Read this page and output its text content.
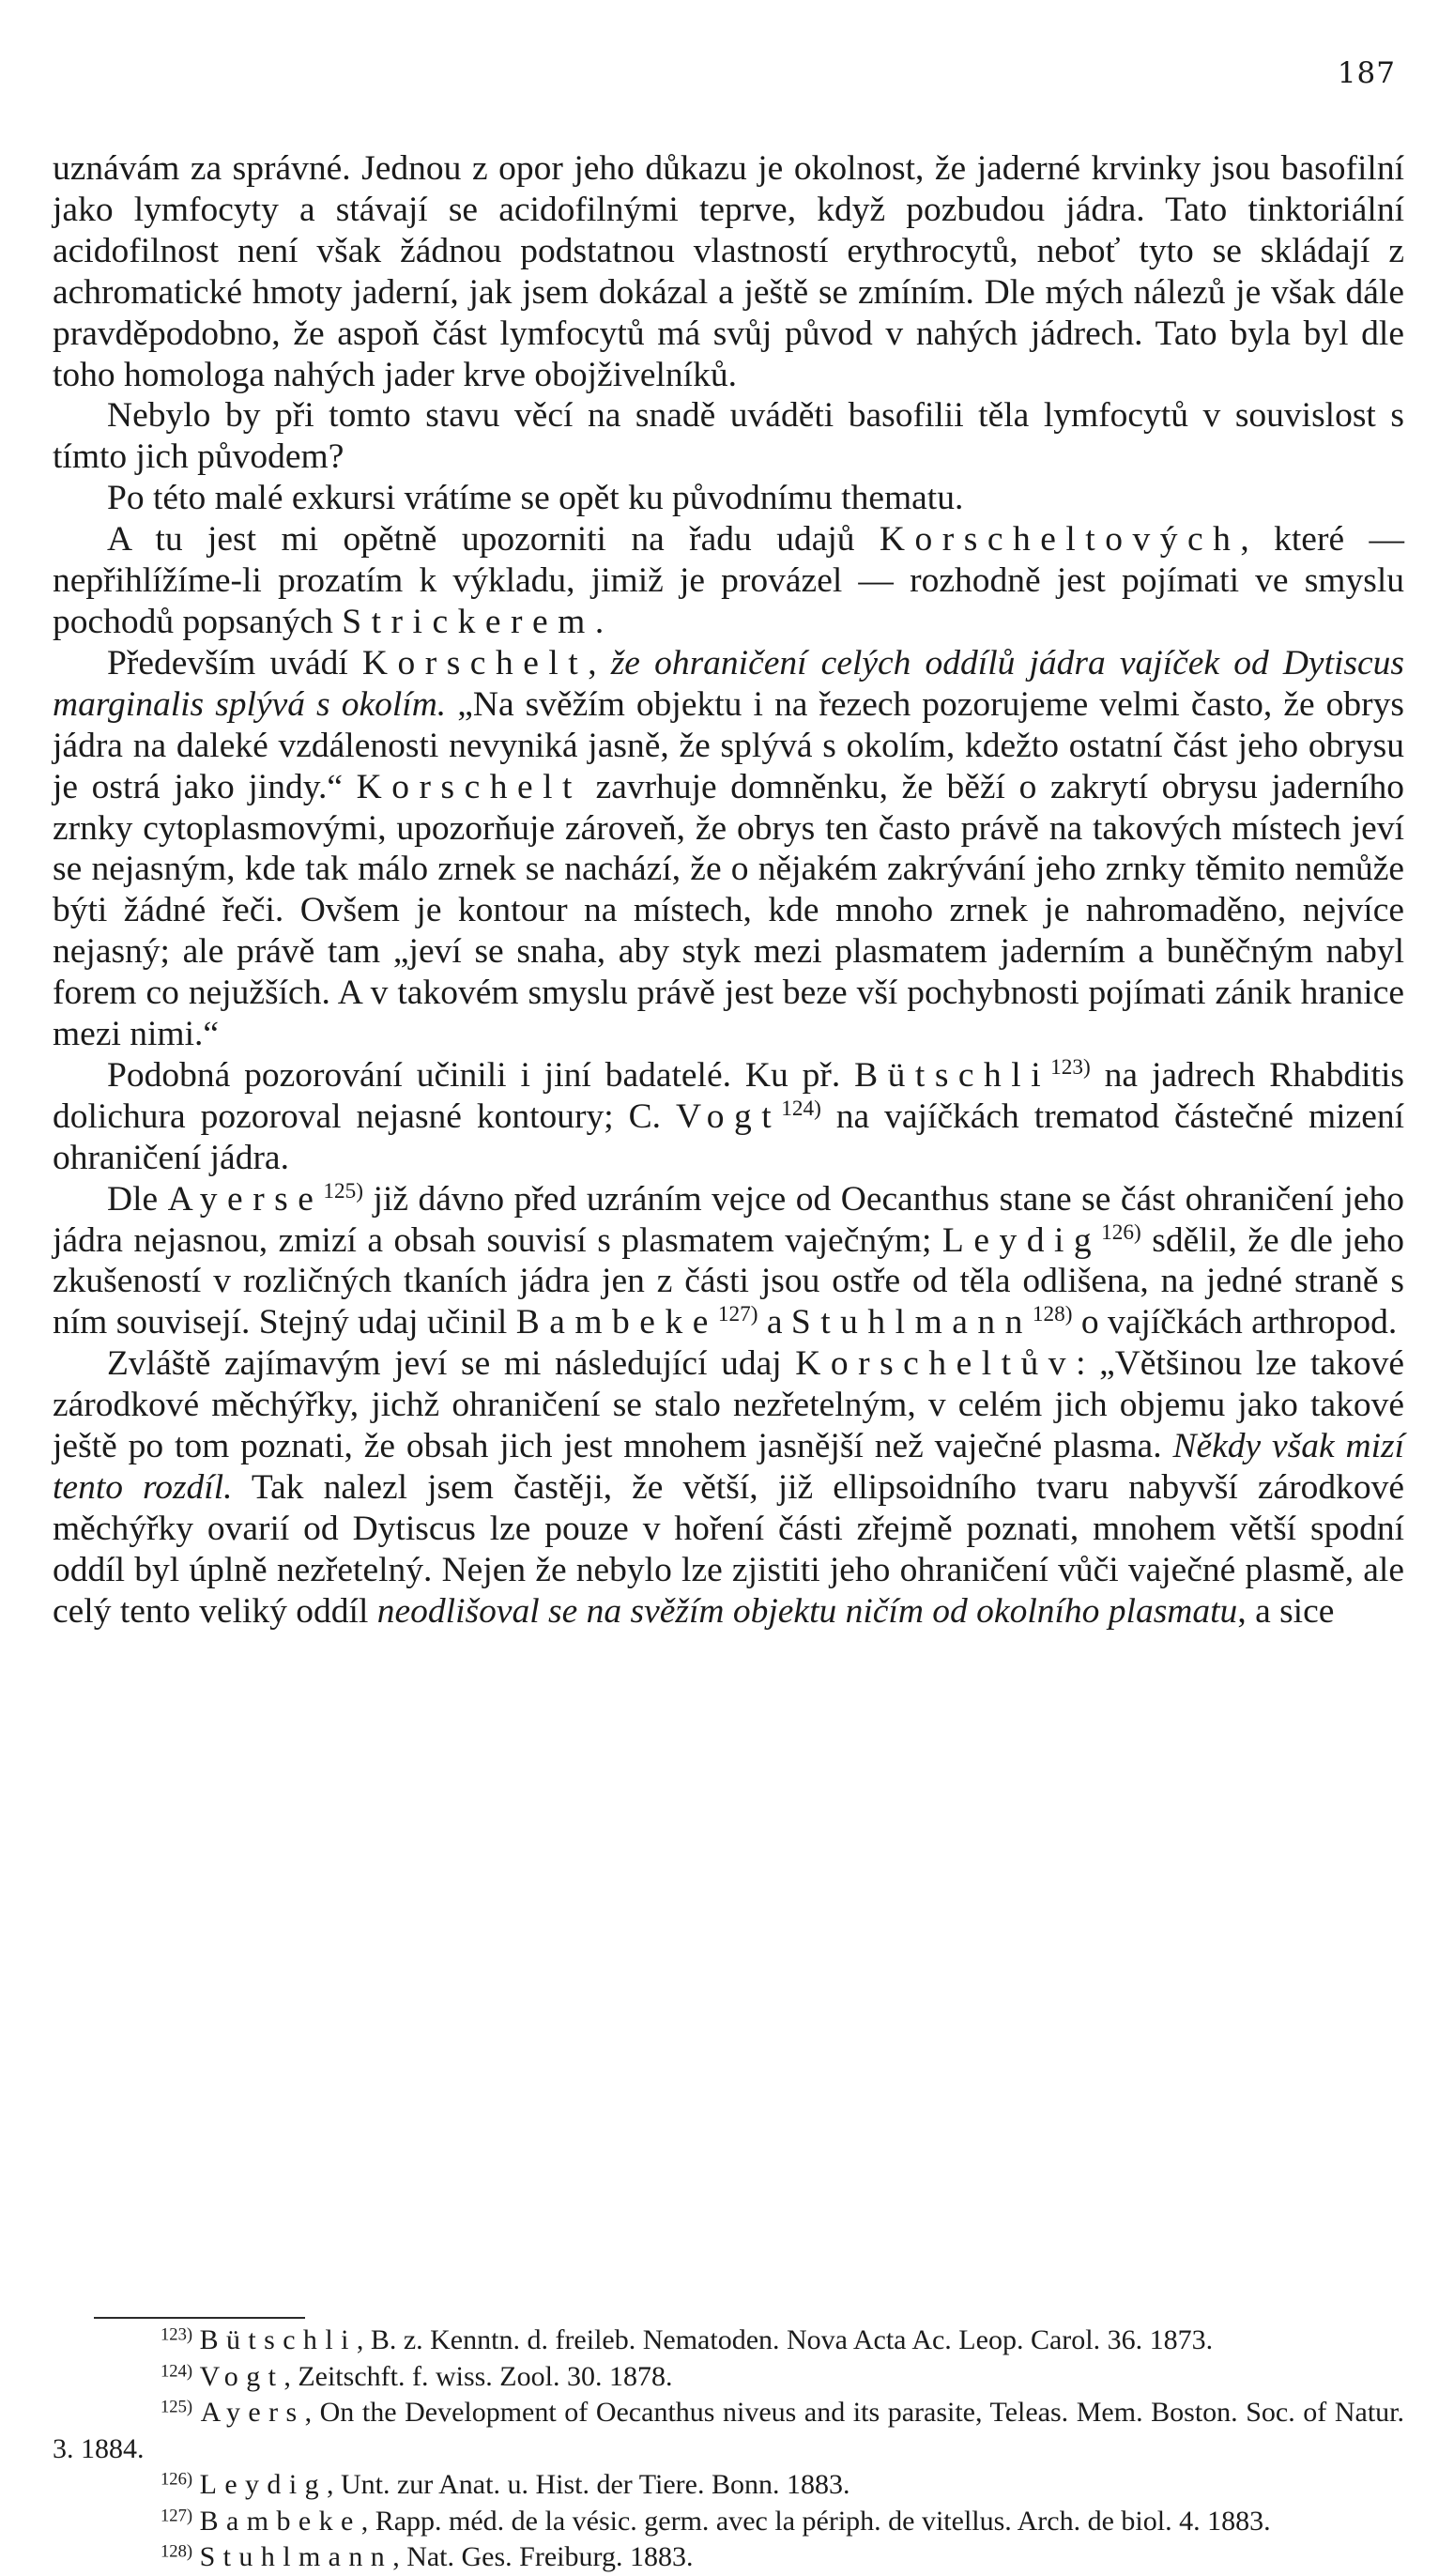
187

uznávám za správné. Jednou z opor jeho důkazu je okolnost, že jaderné krvinky jsou basofilní jako lymfocyty a stávají se acidofilnými teprve, když pozbudou jádra. Tato tinktoriální acidofilnost není však žádnou podstatnou vlastností erythrocytů, neboť tyto se skládají z achromatické hmoty jaderní, jak jsem dokázal a ještě se zmíním. Dle mých nálezů je však dále pravděpodobno, že aspoň část lymfocytů má svůj původ v nahých jádrech. Tato byla byl dle toho homologa nahých jader krve obojživelníků.

Nebylo by při tomto stavu věcí na snadě uváděti basofilii těla lymfocytů v souvislost s tímto jich původem?

Po této malé exkursi vrátíme se opět ku původnímu thematu.

A tu jest mi opětně upozorniti na řadu udajů Korscheltových, které — nepřihlížíme-li prozatím k výkladu, jimiž je provázel — rozhodně jest pojímati ve smyslu pochodů popsaných Strickerem.

Především uvádí Korschelt, že ohraničení celých oddílů jádra vajíček od Dytiscus marginalis splývá s okolím. „Na svěžím objektu i na řezech pozorujeme velmi často, že obrys jádra na daleké vzdálenosti nevyniká jasně, že splývá s okolím, kdežto ostatní část jeho obrysu je ostrá jako jindy.“ Korschelt zavrhuje domněnku, že běží o zakrytí obrysu jaderního zrnky cytoplasmovými, upozorňuje zároveň, že obrys ten často právě na takových místech jeví se nejasným, kde tak málo zrnek se nachází, že o nějakém zakrývání jeho zrnky těmito nemůže býti žádné řeči. Ovšem je kontour na místech, kde mnoho zrnek je nahromaděno, nejvíce nejasný; ale právě tam „jeví se snaha, aby styk mezi plasmatem jaderním a buněčným nabyl forem co nejužších. A v takovém smyslu právě jest beze vší pochybnosti pojímati zánik hranice mezi nimi.“

Podobná pozorování učinili i jiní badatelé. Ku př. Bütschli$^{123)}$ na jadrech Rhabditis dolichura pozoroval nejasné kontoury; C. Vogt$^{124)}$ na vajíčkách trematod částečné mizení ohraničení jádra.

Dle Ayerse$^{125)}$ již dávno před uzráním vejce od Oecanthus stane se část ohraničení jeho jádra nejasnou, zmizí a obsah souvisí s plasmatem vaječným; Leydig$^{126)}$ sdělil, že dle jeho zkušeností v rozličných tkaních jádra jen z části jsou ostře od těla odlišena, na jedné straně s ním souvisejí. Stejný udaj učinil Bambeke$^{127)}$ a Stuhlmann$^{128)}$ o vajíčkách arthropod.

Zvláště zajímavým jeví se mi následující udaj Korscheltův: „Většinou lze takové zárodkové měchýřky, jichž ohraničení se stalo nezřetelným, v celém jich objemu jako takové ještě po tom poznati, že obsah jich jest mnohem jasnější než vaječné plasma. Někdy však mizí tento rozdíl. Tak nalezl jsem častěji, že větší, již ellipsoidního tvaru nabyvší zárodkové měchýřky ovarií od Dytiscus lze pouze v hoření části zřejmě poznati, mnohem větší spodní oddíl byl úplně nezřetelný. Nejen že nebylo lze zjistiti jeho ohraničení vůči vaječné plasmě, ale celý tento veliký oddíl neodlišoval se na svěžím objektu ničím od okolního plasmatu, a sice

$^{123)}$ Bütschli, B. z. Kenntn. d. freileb. Nematoden. Nova Acta Ac. Leop. Carol. 36. 1873.

$^{124)}$ Vogt, Zeitschft. f. wiss. Zool. 30. 1878.

$^{125)}$ Ayers, On the Development of Oecanthus niveus and its parasite, Teleas. Mem. Boston. Soc. of Natur. 3. 1884.

$^{126)}$ Leydig, Unt. zur Anat. u. Hist. der Tiere. Bonn. 1883.

$^{127)}$ Bambeke, Rapp. méd. de la vésic. germ. avec la périph. de vitellus. Arch. de biol. 4. 1883.

$^{128)}$ Stuhlmann, Nat. Ges. Freiburg. 1883.
